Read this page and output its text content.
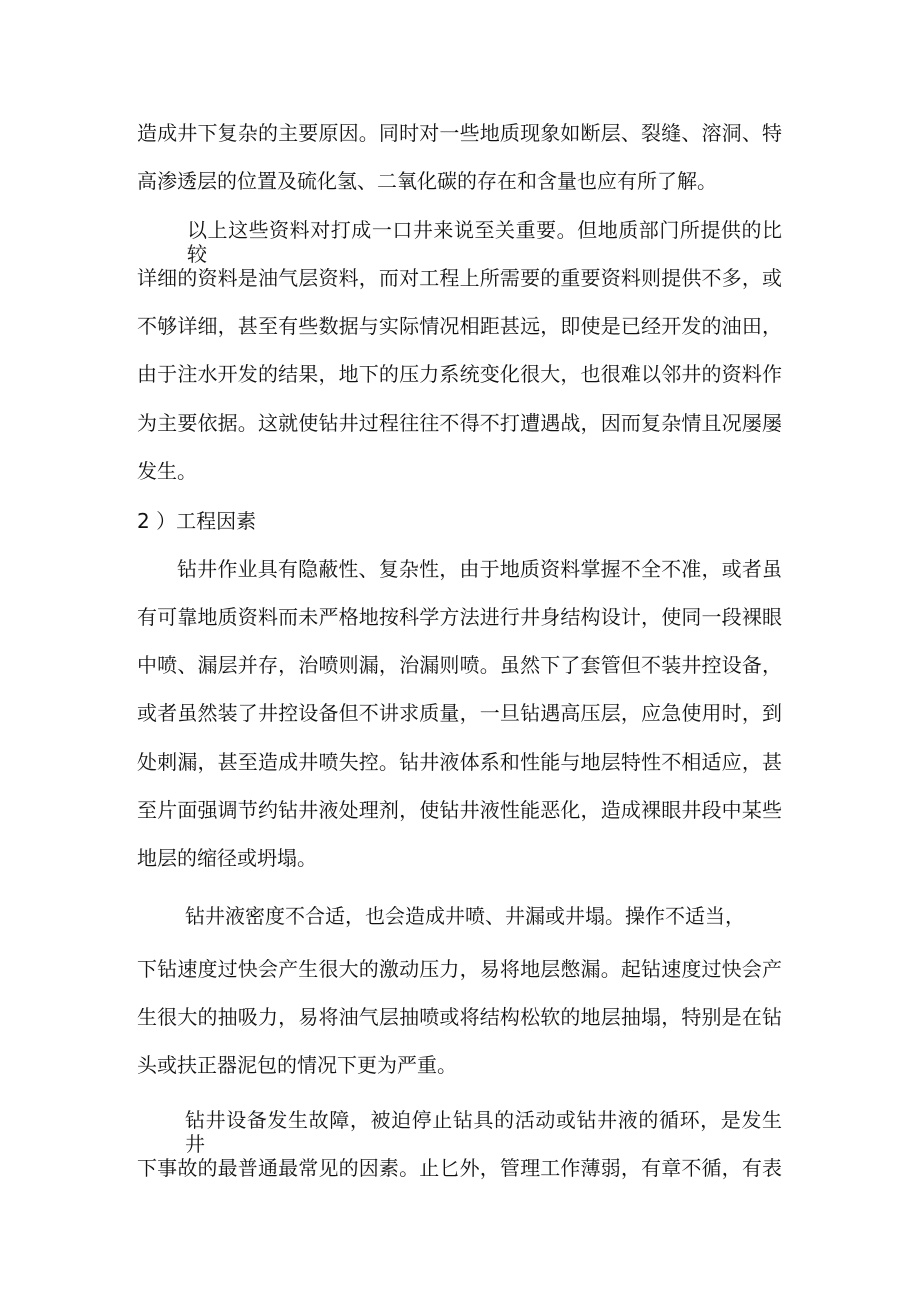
造成井下复杂的主要原因。同时对一些地质现象如断层、裂缝、溶洞、特

高渗透层的位置及硫化氢、二氧化碳的存在和含量也应有所了解。

以上这些资料对打成一口井来说至关重要。但地质部门所提供的比较

详细的资料是油气层资料，而对工程上所需要的重要资料则提供不多，或

不够详细，甚至有些数据与实际情况相距甚远，即使是已经开发的油田，

由于注水开发的结果，地下的压力系统变化很大，也很难以邻井的资料作

为主要依据。这就使钻井过程往往不得不打遭遇战，因而复杂情且况屡屡

发生。

2 ）工程因素

钻井作业具有隐蔽性、复杂性，由于地质资料掌握不全不准，或者虽

有可靠地质资料而未严格地按科学方法进行井身结构设计，使同一段裸眼

中喷、漏层并存，治喷则漏，治漏则喷。虽然下了套管但不装井控设备，

或者虽然装了井控设备但不讲求质量，一旦钻遇高压层，应急使用时，到

处刺漏，甚至造成井喷失控。钻井液体系和性能与地层特性不相适应，甚

至片面强调节约钻井液处理剂，使钻井液性能恶化，造成裸眼井段中某些

地层的缩径或坍塌。

钻井液密度不合适，也会造成井喷、井漏或井塌。操作不适当，

下钻速度过快会产生很大的激动压力，易将地层憋漏。起钻速度过快会产

生很大的抽吸力，易将油气层抽喷或将结构松软的地层抽塌，特别是在钻

头或扶正器泥包的情况下更为严重。

钻井设备发生故障，被迫停止钻具的活动或钻井液的循环，是发生井

下事故的最普通最常见的因素。止匕外，管理工作薄弱，有章不循，有表
